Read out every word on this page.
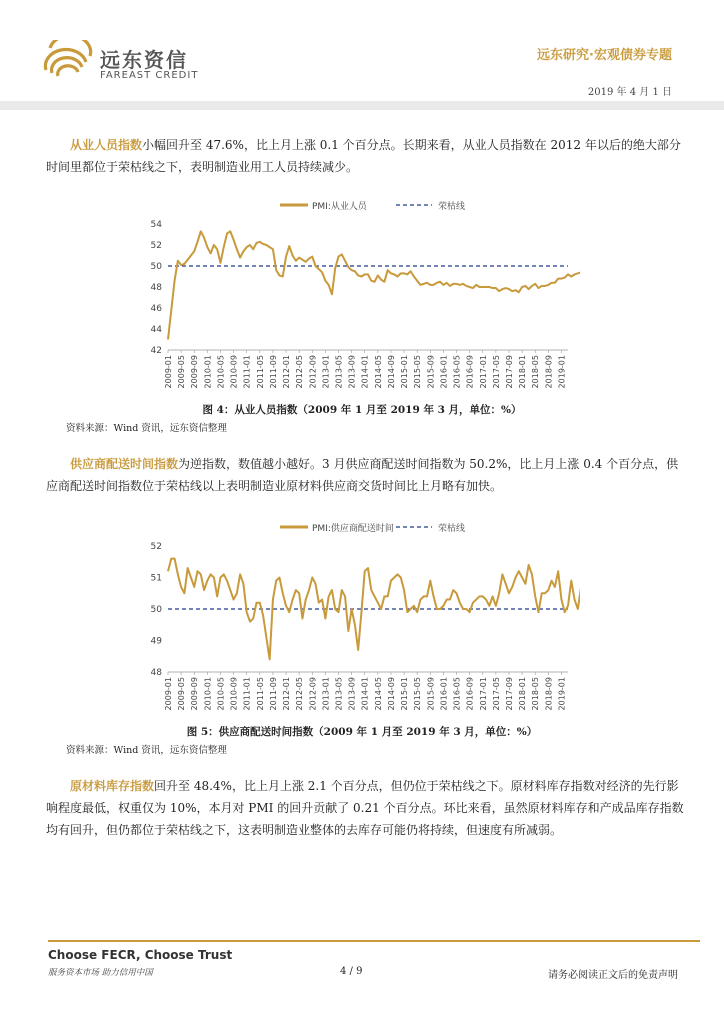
远东资信
FAREAST CREDIT
远东研究·宏观债券专题
2019 年 4 月 1 日
从业人员指数小幅回升至 47.6%，比上月上涨 0.1 个百分点。长期来看，从业人员指数在 2012 年以后的绝大部分时间里都位于荣枯线之下，表明制造业用工人员持续减少。
PMI:从业人员	荣枯线
42
44
46
48
50
52
54
2009-01 2009-05 2009-09 2010-01 2010-05 2010-09 2011-01 2011-05 2011-09 2012-01 2012-05 2012-09 2013-01 2013-05 2013-09 2014-01 2014-05 2014-09 2015-01 2015-05 2015-09 2016-01 2016-05 2016-09 2017-01 2017-05 2017-09 2018-01 2018-05 2018-09 2019-01
图 4：从业人员指数（2009 年 1 月至 2019 年 3 月，单位：%）
资料来源：Wind 资讯，远东资信整理
供应商配送时间指数为逆指数，数值越小越好。3 月供应商配送时间指数为 50.2%，比上月上涨 0.4 个百分点，供应商配送时间指数位于荣枯线以上表明制造业原材料供应商交货时间比上月略有加快。
PMI:供应商配送时间	荣枯线
48
49
50
51
52
2009-01 2009-05 2009-09 2010-01 2010-05 2010-09 2011-01 2011-05 2011-09 2012-01 2012-05 2012-09 2013-01 2013-05 2013-09 2014-01 2014-05 2014-09 2015-01 2015-05 2015-09 2016-01 2016-05 2016-09 2017-01 2017-05 2017-09 2018-01 2018-05 2018-09 2019-01
图 5：供应商配送时间指数（2009 年 1 月至 2019 年 3 月，单位：%）
资料来源：Wind 资讯，远东资信整理
原材料库存指数回升至 48.4%，比上月上涨 2.1 个百分点，但仍位于荣枯线之下。原材料库存指数对经济的先行影响程度最低，权重仅为 10%，本月对 PMI 的回升贡献了 0.21 个百分点。环比来看，虽然原材料库存和产成品库存指数均有回升，但仍都位于荣枯线之下，这表明制造业整体的去库存可能仍将持续，但速度有所减弱。
Choose FECR, Choose Trust
服务资本市场 助力信用中国	4 / 9	请务必阅读正文后的免责声明
